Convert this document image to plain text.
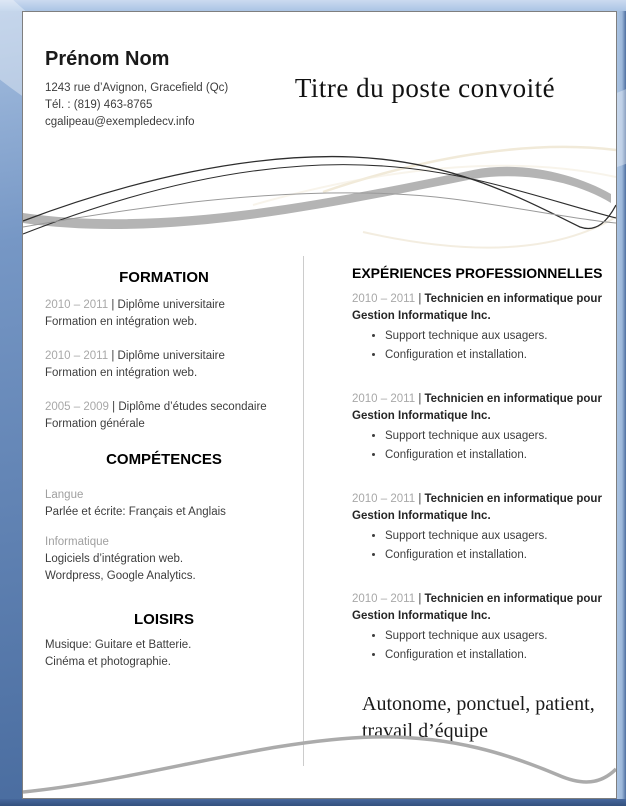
Prénom Nom
1243 rue d’Avignon, Gracefield (Qc)
Tél. : (819) 463-8765
cgalipeau@exempledecv.info
Titre du poste convoité
FORMATION
2010 – 2011 | Diplôme universitaire
Formation en intégration web.
2010 – 2011 | Diplôme universitaire
Formation en intégration web.
2005 – 2009 | Diplôme d’études secondaire
Formation générale
COMPÉTENCES
Langue
Parlée et écrite: Français et Anglais
Informatique
Logiciels d’intégration web.
Wordpress, Google Analytics.
LOISIRS
Musique: Guitare et Batterie.
Cinéma et photographie.
EXPÉRIENCES PROFESSIONNELLES
2010 – 2011 | Technicien en informatique pour Gestion Informatique Inc.
• Support technique aux usagers.
• Configuration et installation.
2010 – 2011 | Technicien en informatique pour Gestion Informatique Inc.
• Support technique aux usagers.
• Configuration et installation.
2010 – 2011 | Technicien en informatique pour Gestion Informatique Inc.
• Support technique aux usagers.
• Configuration et installation.
2010 – 2011 | Technicien en informatique pour Gestion Informatique Inc.
• Support technique aux usagers.
• Configuration et installation.
Autonome, ponctuel, patient,
travail d’équipe
